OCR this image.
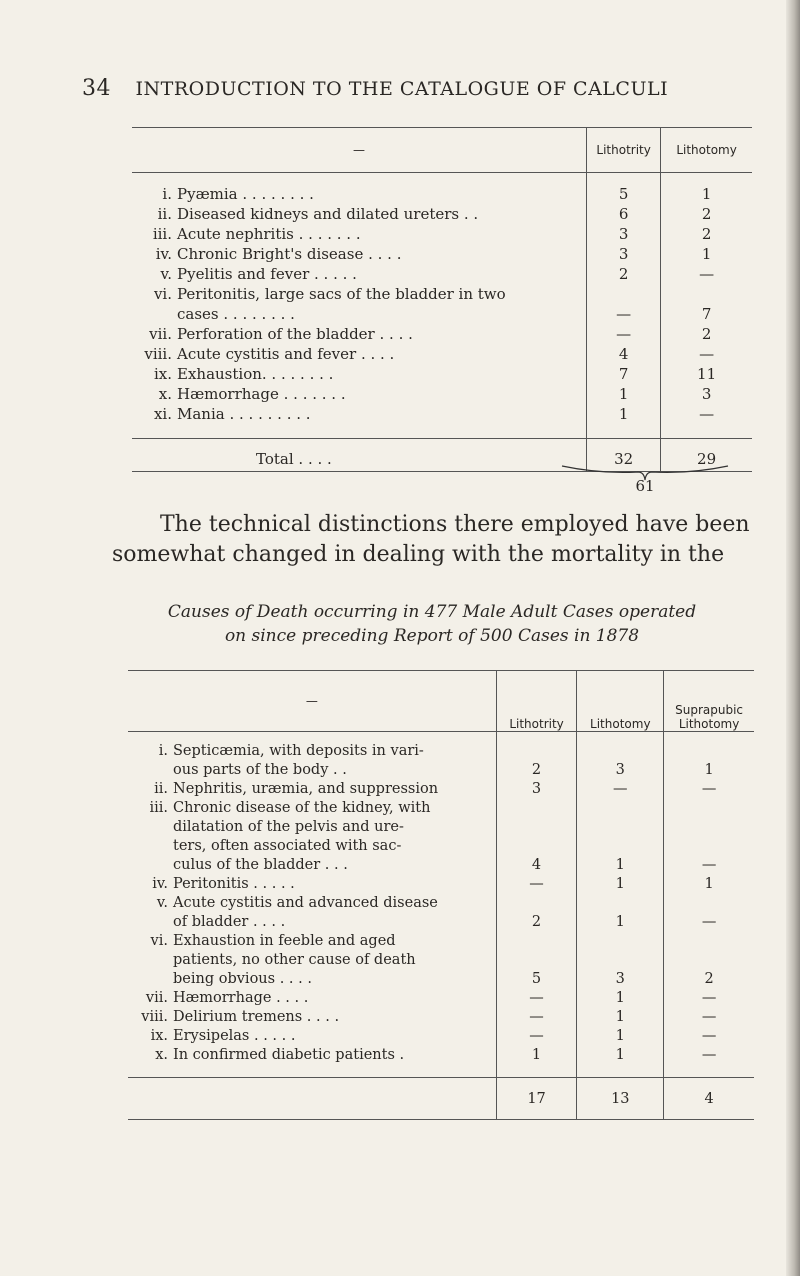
34 INTRODUCTION TO THE CATALOGUE OF CALCULI
—	Lithotrity	Lithotomy

i. Pyæmia . . . . . . . .	5	1

ii. Diseased kidneys and dilated ureters . .	6	2

iii. Acute nephritis . . . . . . .	3	2

iv. Chronic Bright's disease . . . .	3	1

v. Pyelitis and fever . . . . .	2	—

vi. Peritonitis, large sacs of the bladder in two
cases . . . . . . . .	—	7

vii. Perforation of the bladder . . . .	—	2

viii. Acute cystitis and fever . . . .	4	—

ix. Exhaustion. . . . . . . .	7	11

x. Hæmorrhage . . . . . . .	1	3

xi. Mania . . . . . . . . .	1	—

Total . . . .	32	29
61
The technical distinctions there employed have been
somewhat changed in dealing with the mortality in the
Causes of Death occurring in 477 Male Adult Cases operated
on since preceding Report of 500 Cases in 1878
—	Lithotrity	Lithotomy	Suprapubic
Lithotomy

i. Septicæmia, with deposits in vari-
ous parts of the body . .	2	3	1

ii. Nephritis, uræmia, and suppression	3	—	—

iii. Chronic disease of the kidney, with
dilatation of the pelvis and ure-
ters, often associated with sac-
culus of the bladder . . .	4	1	—

iv. Peritonitis . . . . .	—	1	1

v. Acute cystitis and advanced disease
of bladder . . . .	2	1	—

vi. Exhaustion in feeble and aged
patients, no other cause of death
being obvious . . . .	5	3	2

vii. Hæmorrhage . . . .	—	1	—

viii. Delirium tremens . . . .	—	1	—

ix. Erysipelas . . . . .	—	1	—

x. In confirmed diabetic patients .	1	1	—

	17	13	4
